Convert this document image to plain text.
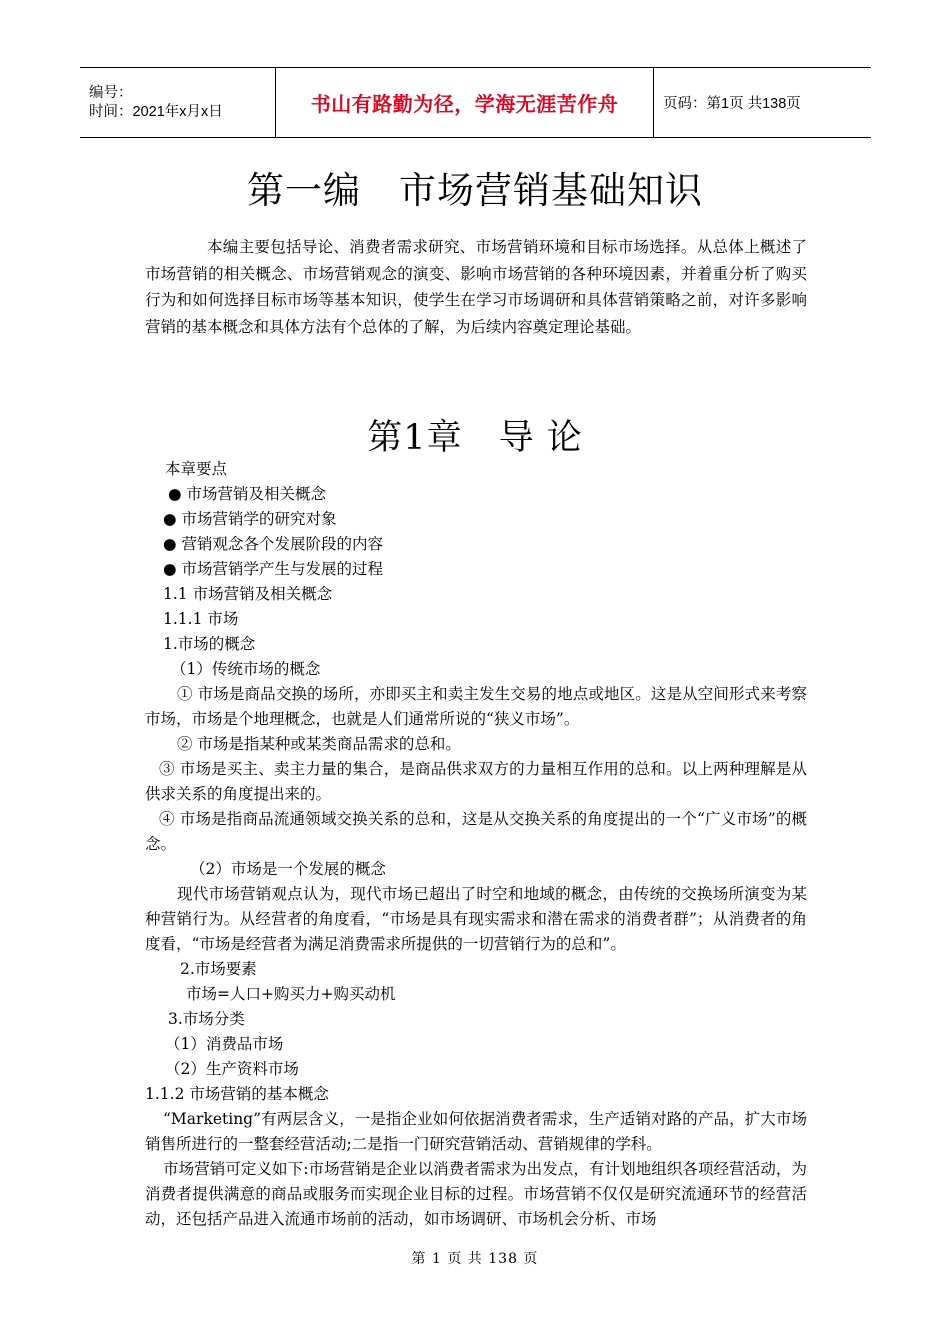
编号：
时间：2021年x月x日	书山有路勤为径，学海无涯苦作舟	页码：第1页 共138页
第一编　市场营销基础知识
本编主要包括导论、消费者需求研究、市场营销环境和目标市场选择。从总体上概述了市场营销的相关概念、市场营销观念的演变、影响市场营销的各种环境因素，并着重分析了购买行为和如何选择目标市场等基本知识，使学生在学习市场调研和具体营销策略之前，对许多影响营销的基本概念和具体方法有个总体的了解，为后续内容奠定理论基础。
第1章　导 论
本章要点
● 市场营销及相关概念
● 市场营销学的研究对象
● 营销观念各个发展阶段的内容
● 市场营销学产生与发展的过程
1.1 市场营销及相关概念
1.1.1 市场
1.市场的概念
（1）传统市场的概念
① 市场是商品交换的场所，亦即买主和卖主发生交易的地点或地区。这是从空间形式来考察市场，市场是个地理概念，也就是人们通常所说的“狭义市场”。
② 市场是指某种或某类商品需求的总和。
③ 市场是买主、卖主力量的集合，是商品供求双方的力量相互作用的总和。以上两种理解是从供求关系的角度提出来的。
④ 市场是指商品流通领域交换关系的总和，这是从交换关系的角度提出的一个“广义市场”的概念。
（2）市场是一个发展的概念
现代市场营销观点认为，现代市场已超出了时空和地域的概念，由传统的交换场所演变为某种营销行为。从经营者的角度看，“市场是具有现实需求和潜在需求的消费者群”；从消费者的角度看，“市场是经营者为满足消费需求所提供的一切营销行为的总和”。
2.市场要素
市场=人口+购买力+购买动机
3.市场分类
（1）消费品市场
（2）生产资料市场
1.1.2 市场营销的基本概念
“Marketing”有两层含义，一是指企业如何依据消费者需求，生产适销对路的产品，扩大市场销售所进行的一整套经营活动;二是指一门研究营销活动、营销规律的学科。
市场营销可定义如下:市场营销是企业以消费者需求为出发点，有计划地组织各项经营活动，为消费者提供满意的商品或服务而实现企业目标的过程。市场营销不仅仅是研究流通环节的经营活动，还包括产品进入流通市场前的活动，如市场调研、市场机会分析、市场
第 1 页 共 138 页
